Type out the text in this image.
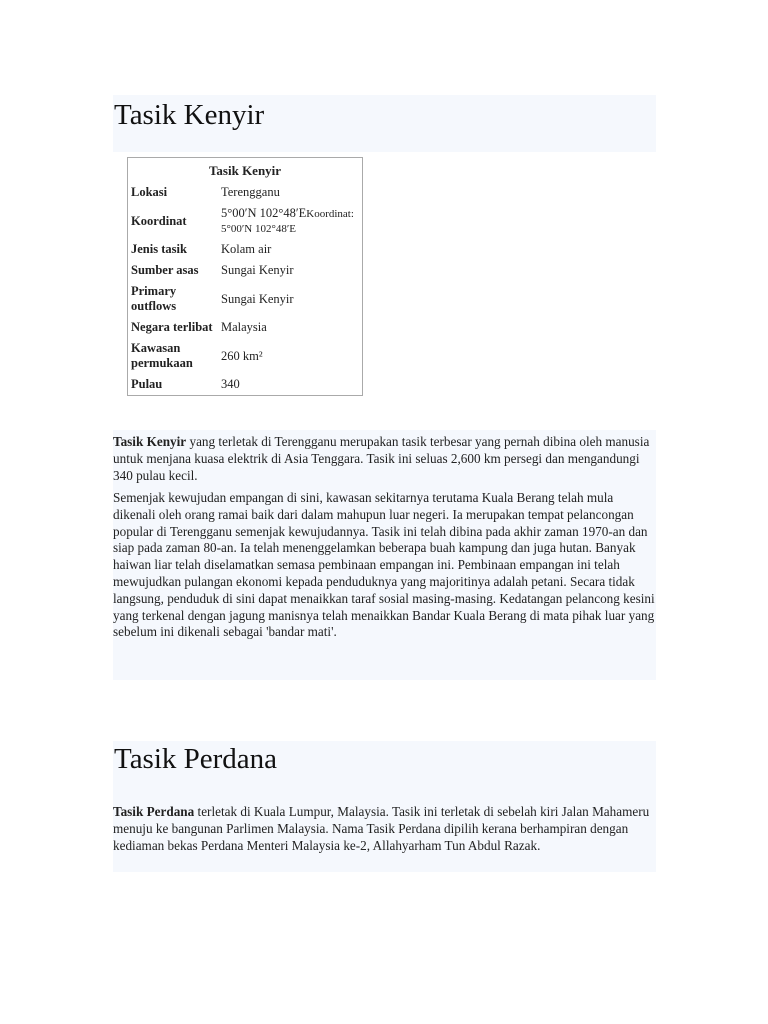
Tasik Kenyir
Tasik Kenyir
Lokasi	Terengganu
Koordinat	5°00′N 102°48′EKoordinat: 5°00′N 102°48′E
Jenis tasik	Kolam air
Sumber asas	Sungai Kenyir
Primary outflows	Sungai Kenyir
Negara terlibat	Malaysia
Kawasan permukaan	260 km²
Pulau	340

Tasik Kenyir yang terletak di Terengganu merupakan tasik terbesar yang pernah dibina oleh manusia untuk menjana kuasa elektrik di Asia Tenggara. Tasik ini seluas 2,600 km persegi dan mengandungi 340 pulau kecil.

Semenjak kewujudan empangan di sini, kawasan sekitarnya terutama Kuala Berang telah mula dikenali oleh orang ramai baik dari dalam mahupun luar negeri. Ia merupakan tempat pelancongan popular di Terengganu semenjak kewujudannya. Tasik ini telah dibina pada akhir zaman 1970-an dan siap pada zaman 80-an. Ia telah menenggelamkan beberapa buah kampung dan juga hutan. Banyak haiwan liar telah diselamatkan semasa pembinaan empangan ini. Pembinaan empangan ini telah mewujudkan pulangan ekonomi kepada penduduknya yang majoritinya adalah petani. Secara tidak langsung, penduduk di sini dapat menaikkan taraf sosial masing-masing. Kedatangan pelancong kesini yang terkenal dengan jagung manisnya telah menaikkan Bandar Kuala Berang di mata pihak luar yang sebelum ini dikenali sebagai 'bandar mati'.

Tasik Perdana

Tasik Perdana terletak di Kuala Lumpur, Malaysia. Tasik ini terletak di sebelah kiri Jalan Mahameru menuju ke bangunan Parlimen Malaysia. Nama Tasik Perdana dipilih kerana berhampiran dengan kediaman bekas Perdana Menteri Malaysia ke-2, Allahyarham Tun Abdul Razak.
